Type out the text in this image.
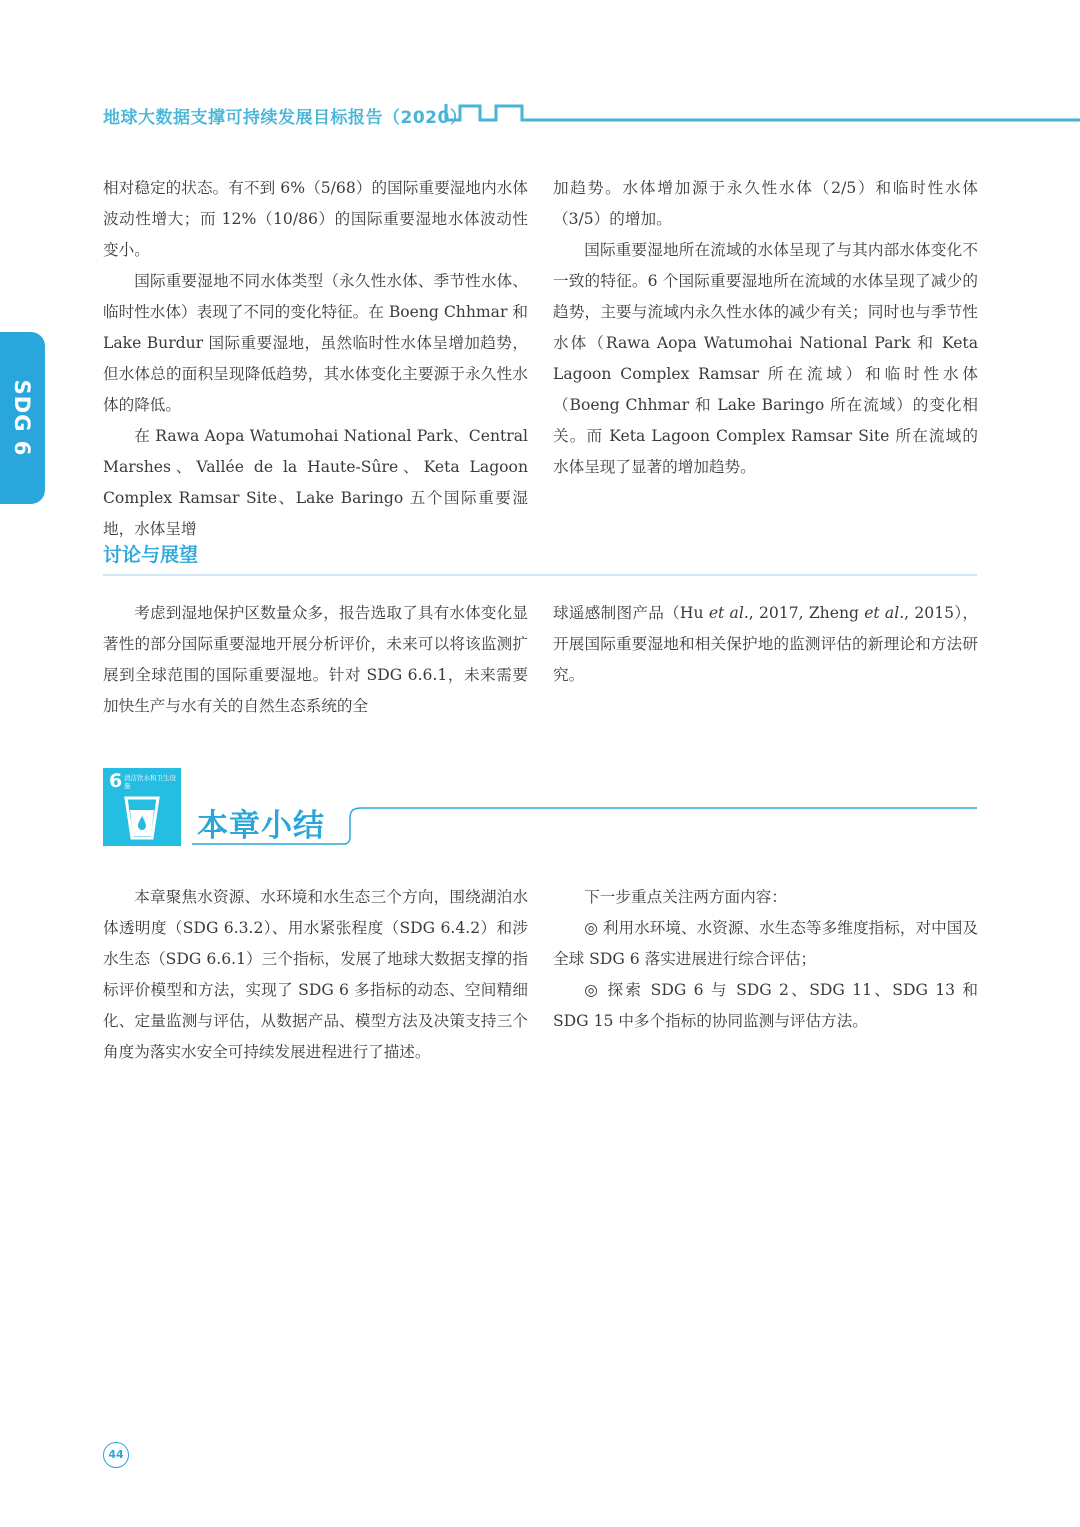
地球大数据支撑可持续发展目标报告（2020）
SDG 6

相对稳定的状态。有不到 6%（5/68）的国际重要湿地内水体波动性增大；而 12%（10/86）的国际重要湿地水体波动性变小。

国际重要湿地不同水体类型（永久性水体、季节性水体、临时性水体）表现了不同的变化特征。在 Boeng Chhmar 和 Lake Burdur 国际重要湿地，虽然临时性水体呈增加趋势，但水体总的面积呈现降低趋势，其水体变化主要源于永久性水体的降低。

在 Rawa Aopa Watumohai National Park、Central Marshes、Vallée de la Haute-Sûre、Keta Lagoon Complex Ramsar Site、Lake Baringo 五个国际重要湿地，水体呈增

加趋势。水体增加源于永久性水体（2/5）和临时性水体（3/5）的增加。

国际重要湿地所在流域的水体呈现了与其内部水体变化不一致的特征。6 个国际重要湿地所在流域的水体呈现了减少的趋势，主要与流域内永久性水体的减少有关；同时也与季节性水体（Rawa Aopa Watumohai National Park 和 Keta Lagoon Complex Ramsar 所在流域）和临时性水体（Boeng Chhmar 和 Lake Baringo 所在流域）的变化相关。而 Keta Lagoon Complex Ramsar Site 所在流域的水体呈现了显著的增加趋势。

讨论与展望

考虑到湿地保护区数量众多，报告选取了具有水体变化显著性的部分国际重要湿地开展分析评价，未来可以将该监测扩展到全球范围的国际重要湿地。针对 SDG 6.6.1，未来需要加快生产与水有关的自然生态系统的全

球遥感制图产品（Hu et al., 2017, Zheng et al., 2015），开展国际重要湿地和相关保护地的监测评估的新理论和方法研究。

6 清洁饮水和卫生设施
本章小结

本章聚焦水资源、水环境和水生态三个方向，围绕湖泊水体透明度（SDG 6.3.2）、用水紧张程度（SDG 6.4.2）和涉水生态（SDG 6.6.1）三个指标，发展了地球大数据支撑的指标评价模型和方法，实现了 SDG 6 多指标的动态、空间精细化、定量监测与评估，从数据产品、模型方法及决策支持三个角度为落实水安全可持续发展进程进行了描述。

下一步重点关注两方面内容：

◎ 利用水环境、水资源、水生态等多维度指标，对中国及全球 SDG 6 落实进展进行综合评估；

◎ 探索 SDG 6 与 SDG 2、SDG 11、SDG 13 和 SDG 15 中多个指标的协同监测与评估方法。

44
